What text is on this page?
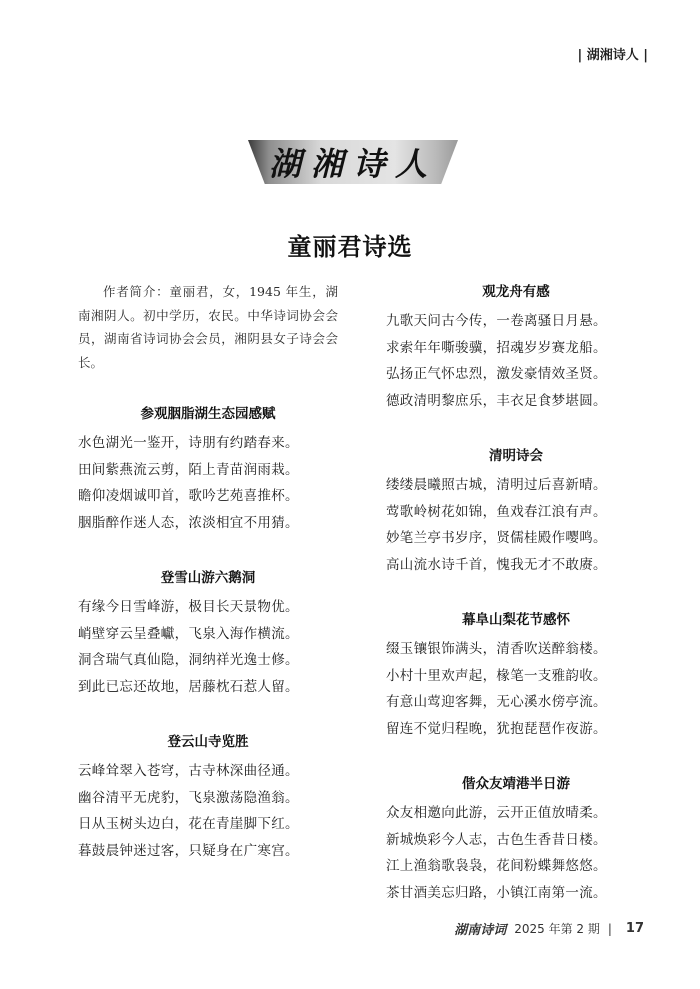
| 湖湘诗人 |
湖湘诗人
童丽君诗选
作者简介：童丽君，女，1945 年生，湖南湘阴人。初中学历，农民。中华诗词协会会员，湖南省诗词协会会员，湘阴县女子诗会会长。
参观胭脂湖生态园感赋
水色湖光一鉴开，诗朋有约踏春来。
田间紫燕流云剪，陌上青苗润雨栽。
瞻仰凌烟诚叩首，歌吟艺苑喜推杯。
胭脂醉作迷人态，浓淡相宜不用猜。
登雪山游六鹅洞
有缘今日雪峰游，极目长天景物优。
峭壁穿云呈叠巘，飞泉入海作横流。
洞含瑞气真仙隐，洞纳祥光逸士修。
到此已忘还故地，居藤枕石惹人留。
登云山寺览胜
云峰耸翠入苍穹，古寺林深曲径通。
幽谷清平无虎豹，飞泉激荡隐渔翁。
日从玉树头边白，花在青崖脚下红。
暮鼓晨钟迷过客，只疑身在广寒宫。
观龙舟有感
九歌天问古今传，一卷离骚日月悬。
求索年年嘶骏骥，招魂岁岁赛龙船。
弘扬正气怀忠烈，激发豪情效圣贤。
德政清明黎庶乐，丰衣足食梦堪圆。
清明诗会
缕缕晨曦照古城，清明过后喜新晴。
莺歌岭树花如锦，鱼戏春江浪有声。
妙笔兰亭书岁序，贤儒桂殿作嘤鸣。
高山流水诗千首，愧我无才不敢赓。
幕阜山梨花节感怀
缀玉镶银饰满头，清香吹送醉翁楼。
小村十里欢声起，椽笔一支雅韵收。
有意山莺迎客舞，无心溪水傍亭流。
留连不觉归程晚，犹抱琵琶作夜游。
偕众友靖港半日游
众友相邀向此游，云开正值放晴柔。
新城焕彩今人志，古色生香昔日楼。
江上渔翁歌袅袅，花间粉蝶舞悠悠。
茶甘酒美忘归路，小镇江南第一流。
湖南诗词 2025 年第 2 期 | 17
